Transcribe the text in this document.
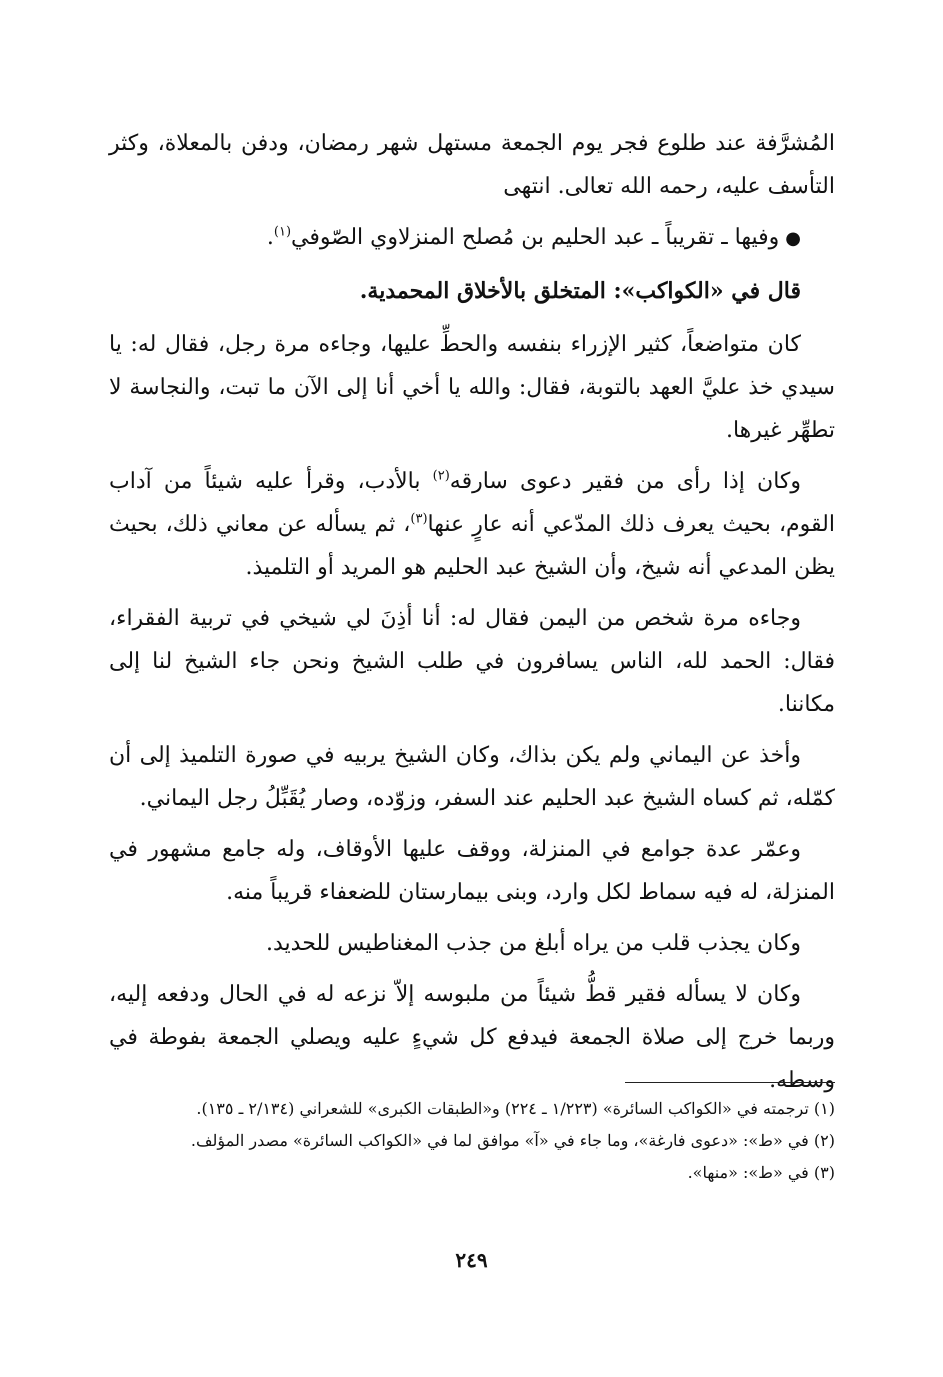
المُشرَّفة عند طلوع فجر يوم الجمعة مستهل شهر رمضان، ودفن بالمعلاة، وكثر التأسف عليه، رحمه الله تعالى. انتهى

●وفيها ـ تقريباً ـ عبد الحليم بن مُصلح المنزلاوي الصّوفي$^{(١)}$.

قال في «الكواكب»: المتخلق بالأخلاق المحمدية.

كان متواضعاً، كثير الإزراء بنفسه والحطِّ عليها، وجاءه مرة رجل، فقال له: يا سيدي خذ عليَّ العهد بالتوبة، فقال: والله يا أخي أنا إلى الآن ما تبت، والنجاسة لا تطهِّر غيرها.

وكان إذا رأى من فقير دعوى سارقه$^{(٢)}$ بالأدب، وقرأ عليه شيئاً من آداب القوم، بحيث يعرف ذلك المدّعي أنه عارٍ عنها$^{(٣)}$، ثم يسأله عن معاني ذلك، بحيث يظن المدعي أنه شيخ، وأن الشيخ عبد الحليم هو المريد أو التلميذ.

وجاءه مرة شخص من اليمن فقال له: أنا أذِنَ لي شيخي في تربية الفقراء، فقال: الحمد لله، الناس يسافرون في طلب الشيخ ونحن جاء الشيخ لنا إلى مكاننا.

وأخذ عن اليماني ولم يكن بذاك، وكان الشيخ يربيه في صورة التلميذ إلى أن كمّله، ثم كساه الشيخ عبد الحليم عند السفر، وزوّده، وصار يُقَبِّلُ رجل اليماني.

وعمّر عدة جوامع في المنزلة، ووقف عليها الأوقاف، وله جامع مشهور في المنزلة، له فيه سماط لكل وارد، وبنى بيمارستان للضعفاء قريباً منه.

وكان يجذب قلب من يراه أبلغ من جذب المغناطيس للحديد.

وكان لا يسأله فقير قطُّ شيئاً من ملبوسه إلاّ نزعه له في الحال ودفعه إليه، وربما خرج إلى صلاة الجمعة فيدفع كل شيءٍ عليه ويصلي الجمعة بفوطة في وسطه.

(١) ترجمته في «الكواكب السائرة» (١/٢٢٣ ـ ٢٢٤) و«الطبقات الكبرى» للشعراني (٢/١٣٤ ـ ١٣٥).

(٢) في «ط»: «دعوى فارغة»، وما جاء في «آ» موافق لما في «الكواكب السائرة» مصدر المؤلف.

(٣) في «ط»: «منها».

٢٤٩
